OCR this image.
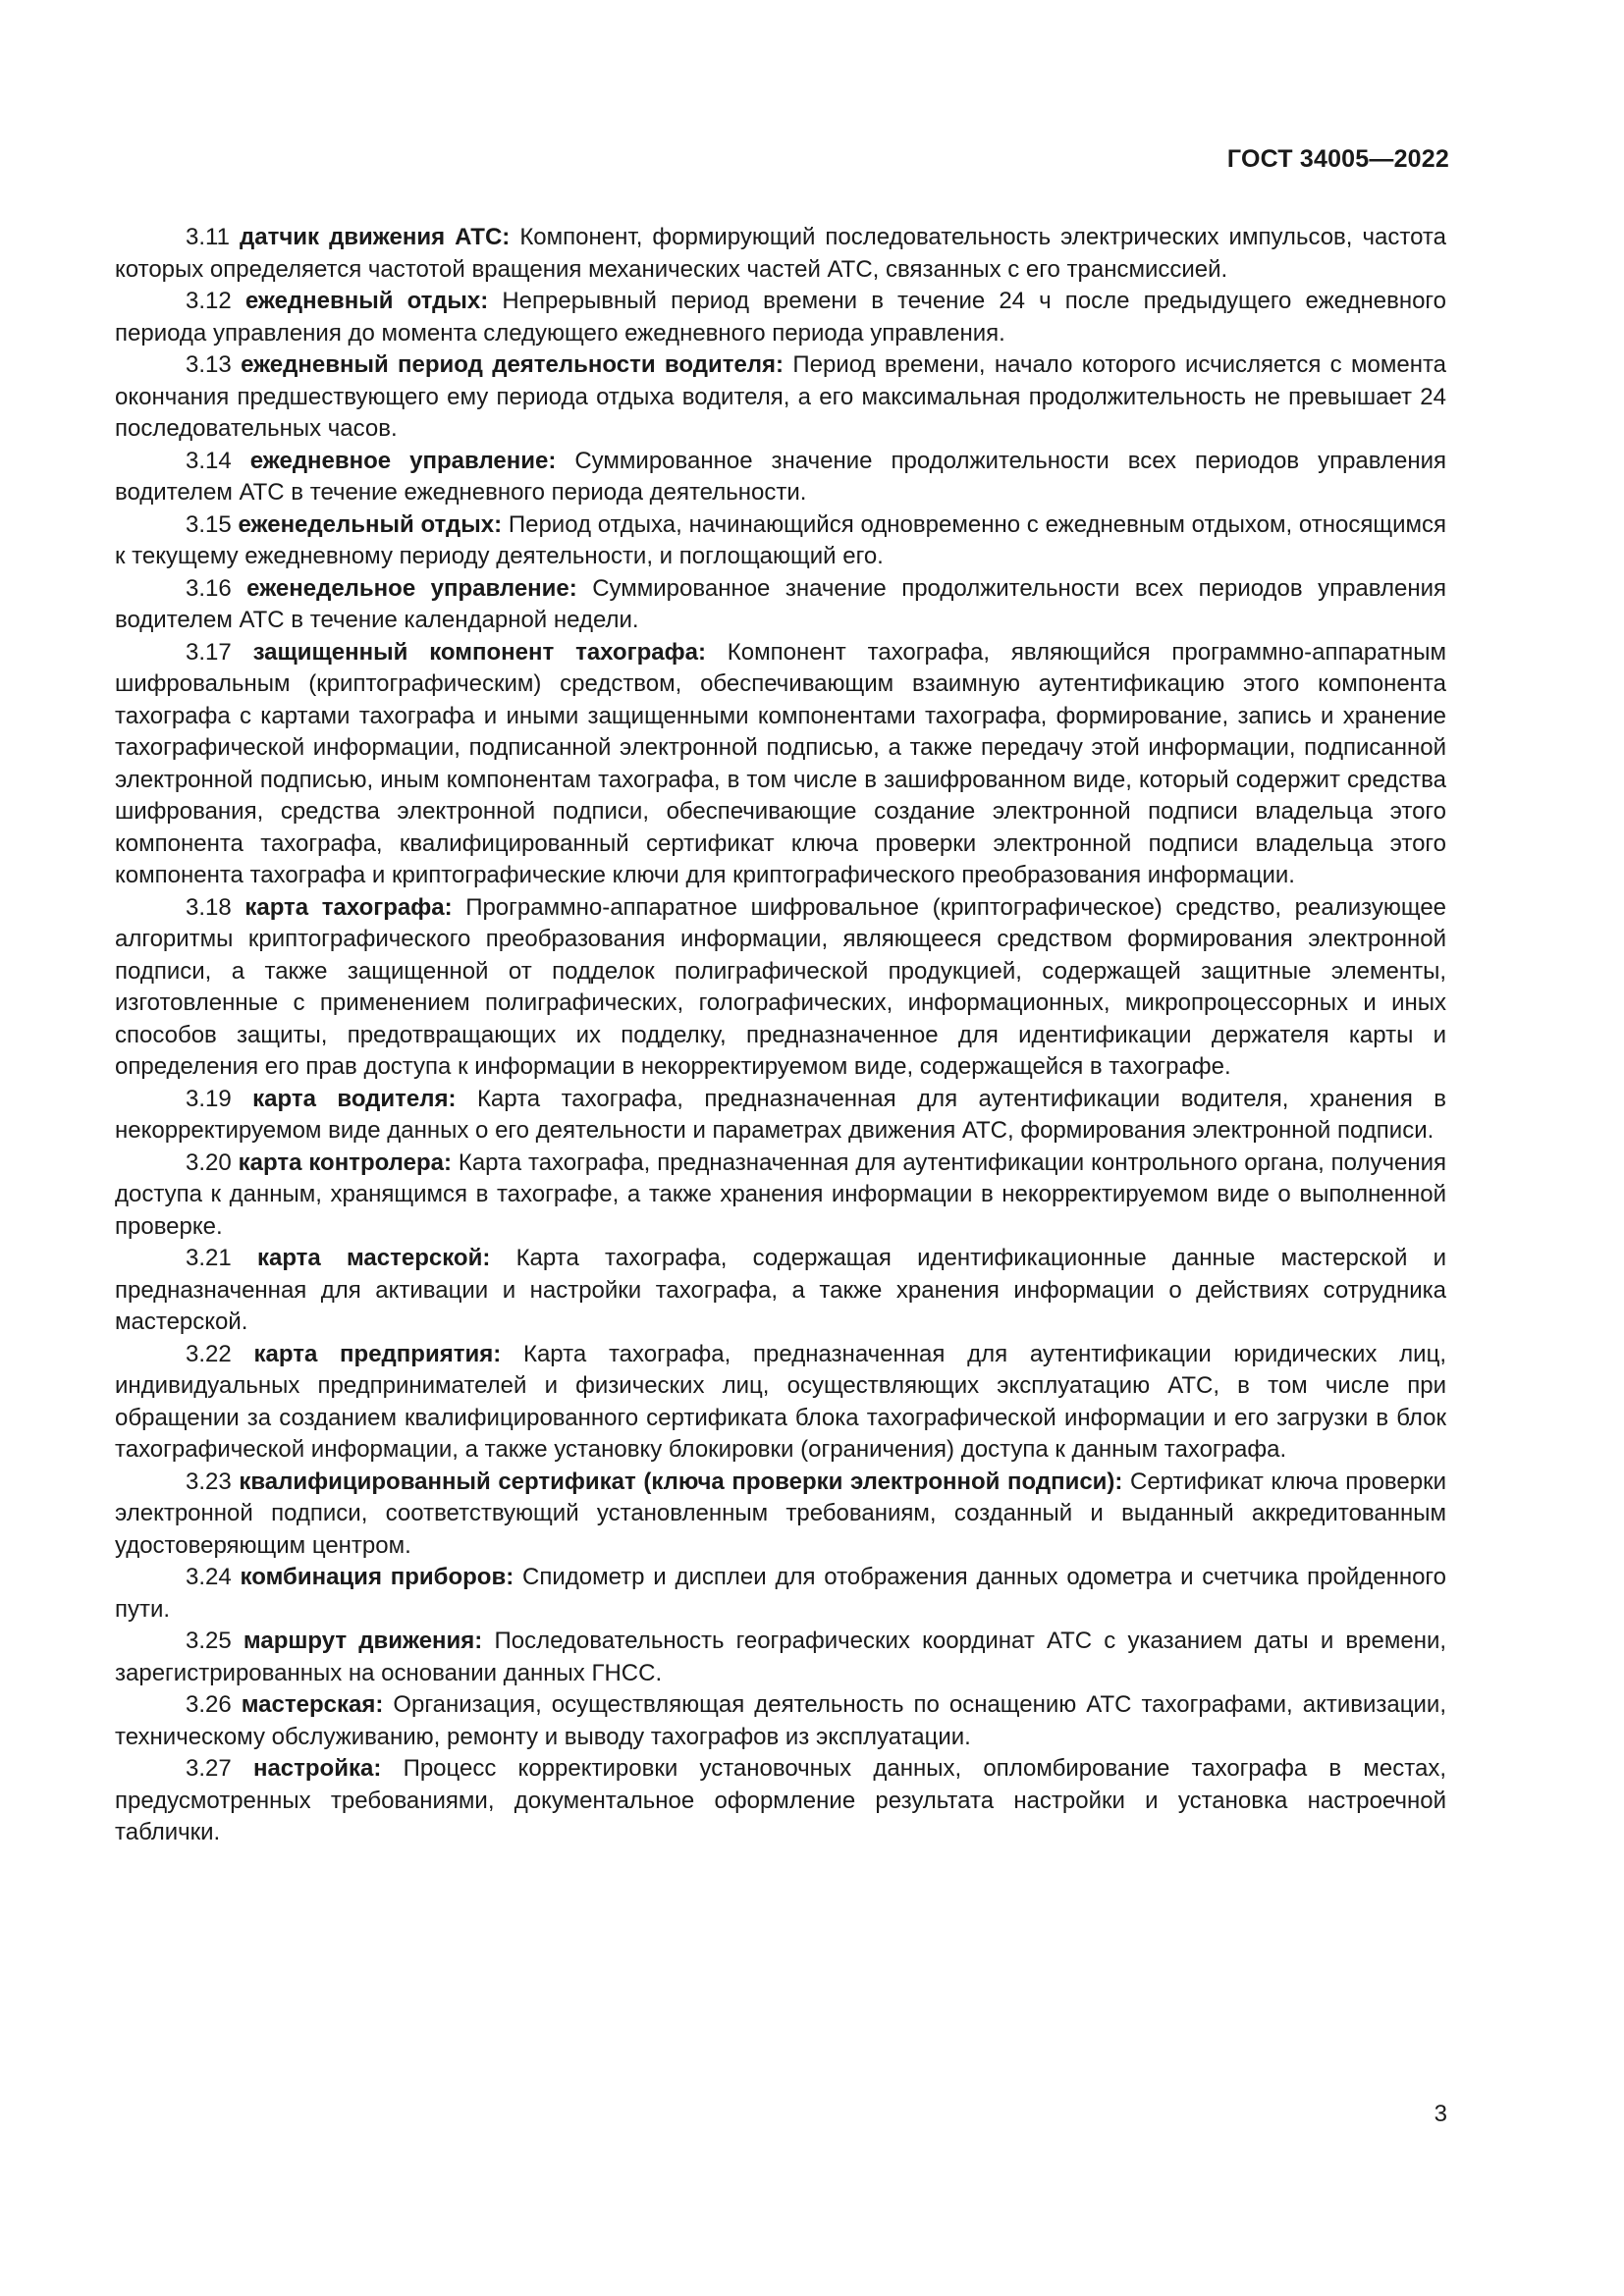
ГОСТ 34005—2022

3.11 датчик движения АТС: Компонент, формирующий последовательность электрических импульсов, частота которых определяется частотой вращения механических частей АТС, связанных с его трансмиссией.

3.12 ежедневный отдых: Непрерывный период времени в течение 24 ч после предыдущего ежедневного периода управления до момента следующего ежедневного периода управления.

3.13 ежедневный период деятельности водителя: Период времени, начало которого исчисляется с момента окончания предшествующего ему периода отдыха водителя, а его максимальная продолжительность не превышает 24 последовательных часов.

3.14 ежедневное управление: Суммированное значение продолжительности всех периодов управления водителем АТС в течение ежедневного периода деятельности.

3.15 еженедельный отдых: Период отдыха, начинающийся одновременно с ежедневным отдыхом, относящимся к текущему ежедневному периоду деятельности, и поглощающий его.

3.16 еженедельное управление: Суммированное значение продолжительности всех периодов управления водителем АТС в течение календарной недели.

3.17 защищенный компонент тахографа: Компонент тахографа, являющийся программно-аппаратным шифровальным (криптографическим) средством, обеспечивающим взаимную аутентификацию этого компонента тахографа с картами тахографа и иными защищенными компонентами тахографа, формирование, запись и хранение тахографической информации, подписанной электронной подписью, а также передачу этой информации, подписанной электронной подписью, иным компонентам тахографа, в том числе в зашифрованном виде, который содержит средства шифрования, средства электронной подписи, обеспечивающие создание электронной подписи владельца этого компонента тахографа, квалифицированный сертификат ключа проверки электронной подписи владельца этого компонента тахографа и криптографические ключи для криптографического преобразования информации.

3.18 карта тахографа: Программно-аппаратное шифровальное (криптографическое) средство, реализующее алгоритмы криптографического преобразования информации, являющееся средством формирования электронной подписи, а также защищенной от подделок полиграфической продукцией, содержащей защитные элементы, изготовленные с применением полиграфических, голографических, информационных, микропроцессорных и иных способов защиты, предотвращающих их подделку, предназначенное для идентификации держателя карты и определения его прав доступа к информации в некорректируемом виде, содержащейся в тахографе.

3.19 карта водителя: Карта тахографа, предназначенная для аутентификации водителя, хранения в некорректируемом виде данных о его деятельности и параметрах движения АТС, формирования электронной подписи.

3.20 карта контролера: Карта тахографа, предназначенная для аутентификации контрольного органа, получения доступа к данным, хранящимся в тахографе, а также хранения информации в некорректируемом виде о выполненной проверке.

3.21 карта мастерской: Карта тахографа, содержащая идентификационные данные мастерской и предназначенная для активации и настройки тахографа, а также хранения информации о действиях сотрудника мастерской.

3.22 карта предприятия: Карта тахографа, предназначенная для аутентификации юридических лиц, индивидуальных предпринимателей и физических лиц, осуществляющих эксплуатацию АТС, в том числе при обращении за созданием квалифицированного сертификата блока тахографической информации и его загрузки в блок тахографической информации, а также установку блокировки (ограничения) доступа к данным тахографа.

3.23 квалифицированный сертификат (ключа проверки электронной подписи): Сертификат ключа проверки электронной подписи, соответствующий установленным требованиям, созданный и выданный аккредитованным удостоверяющим центром.

3.24 комбинация приборов: Спидометр и дисплеи для отображения данных одометра и счетчика пройденного пути.

3.25 маршрут движения: Последовательность географических координат АТС с указанием даты и времени, зарегистрированных на основании данных ГНСС.

3.26 мастерская: Организация, осуществляющая деятельность по оснащению АТС тахографами, активизации, техническому обслуживанию, ремонту и выводу тахографов из эксплуатации.

3.27 настройка: Процесс корректировки установочных данных, опломбирование тахографа в местах, предусмотренных требованиями, документальное оформление результата настройки и установка настроечной таблички.

3
